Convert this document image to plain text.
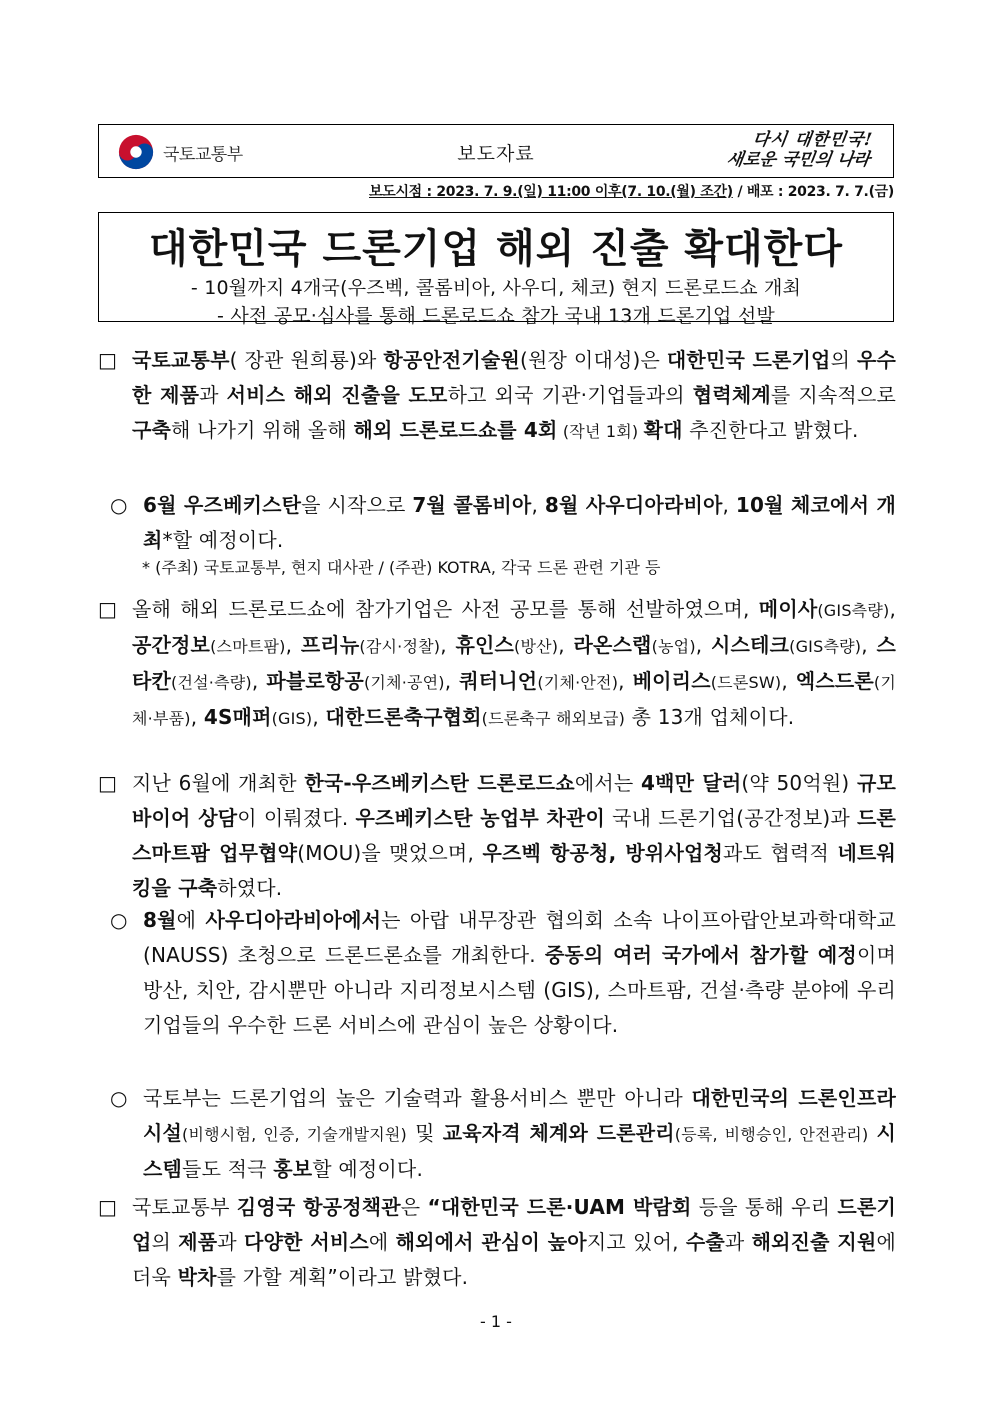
국토교통부	보도자료
다시 대한민국!
새로운 국민의 나라
보도시점 : 2023. 7. 9.(일) 11:00 이후(7. 10.(월) 조간) / 배포 : 2023. 7. 7.(금)
대한민국 드론기업 해외 진출 확대한다
- 10월까지 4개국(우즈벡, 콜롬비아, 사우디, 체코) 현지 드론로드쇼 개최
- 사전 공모·심사를 통해 드론로드쇼 참가 국내 13개 드론기업 선발
□ 국토교통부( 장관 원희룡)와 항공안전기술원(원장 이대성)은 대한민국 드론기업의 우수한 제품과 서비스 해외 진출을 도모하고 외국 기관·기업들과의 협력체계를 지속적으로 구축해 나가기 위해 올해 해외 드론로드쇼를 4회 (작년 1회) 확대 추진한다고 밝혔다.
○ 6월 우즈베키스탄을 시작으로 7월 콜롬비아, 8월 사우디아라비아, 10월 체코에서 개최*할 예정이다.
* (주최) 국토교통부, 현지 대사관 / (주관) KOTRA, 각국 드론 관련 기관 등
□ 올해 해외 드론로드쇼에 참가기업은 사전 공모를 통해 선발하였으며, 메이사(GIS측량), 공간정보(스마트팜), 프리뉴(감시·정찰), 휴인스(방산), 라온스랩(농업), 시스테크(GIS측량), 스타칸(건설·측량), 파블로항공(기체·공연), 쿼터니언(기체·안전), 베이리스(드론SW), 엑스드론(기체·부품), 4S매퍼(GIS), 대한드론축구협회(드론축구 해외보급) 총 13개 업체이다.
□ 지난 6월에 개최한 한국-우즈베키스탄 드론로드쇼에서는 4백만 달러(약 50억원) 규모 바이어 상담이 이뤄졌다. 우즈베키스탄 농업부 차관이 국내 드론기업(공간정보)과 드론 스마트팜 업무협약(MOU)을 맺었으며, 우즈벡 항공청, 방위사업청과도 협력적 네트워킹을 구축하였다.
○ 8월에 사우디아라비아에서는 아랍 내무장관 협의회 소속 나이프아랍안보과학대학교(NAUSS) 초청으로 드론드론쇼를 개최한다. 중동의 여러 국가에서 참가할 예정이며 방산, 치안, 감시뿐만 아니라 지리정보시스템 (GIS), 스마트팜, 건설·측량 분야에 우리 기업들의 우수한 드론 서비스에 관심이 높은 상황이다.
○ 국토부는 드론기업의 높은 기술력과 활용서비스 뿐만 아니라 대한민국의 드론인프라 시설(비행시험, 인증, 기술개발지원) 및 교육자격 체계와 드론관리(등록, 비행승인, 안전관리) 시스템들도 적극 홍보할 예정이다.
□ 국토교통부 김영국 항공정책관은 “대한민국 드론·UAM 박람회 등을 통해 우리 드론기업의 제품과 다양한 서비스에 해외에서 관심이 높아지고 있어, 수출과 해외진출 지원에 더욱 박차를 가할 계획”이라고 밝혔다.
- 1 -
